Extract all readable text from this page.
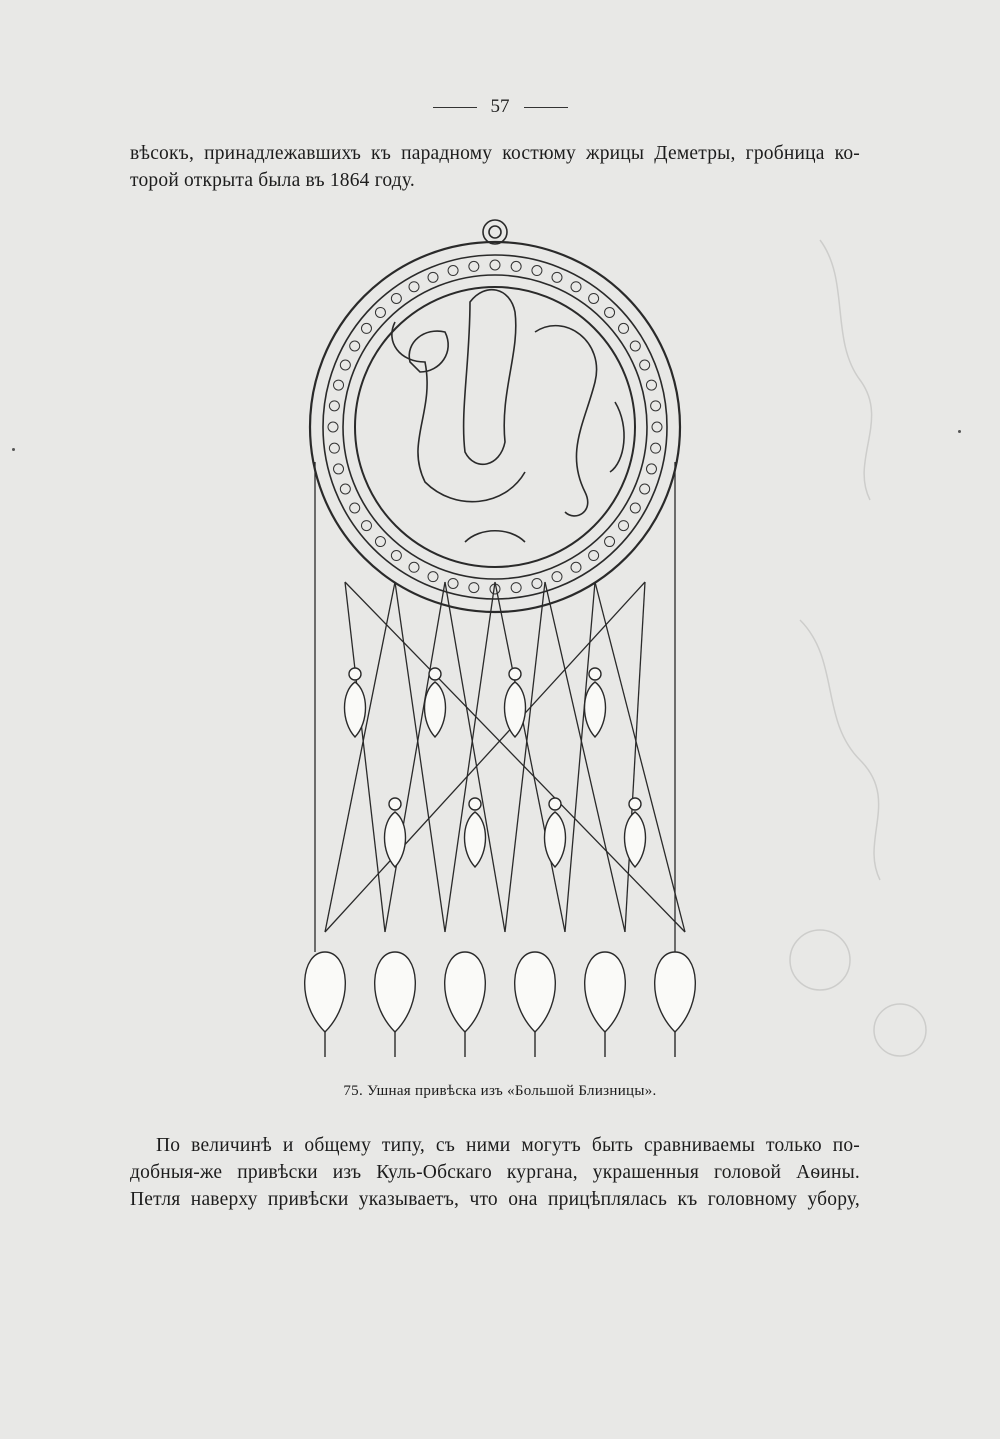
57
вѣсокъ, принадлежавшихъ къ парадному костюму жрицы Деметры, гробница ко-
торой открыта была въ 1864 году.
75. Ушная привѣска изъ «Большой Близницы».
По величинѣ и общему типу, съ ними могутъ быть сравниваемы только по-
добныя-же привѣски изъ Куль-Обскаго кургана, украшенныя головой Аѳины.
Петля наверху привѣски указываетъ, что она прицѣплялась къ головному убору,
